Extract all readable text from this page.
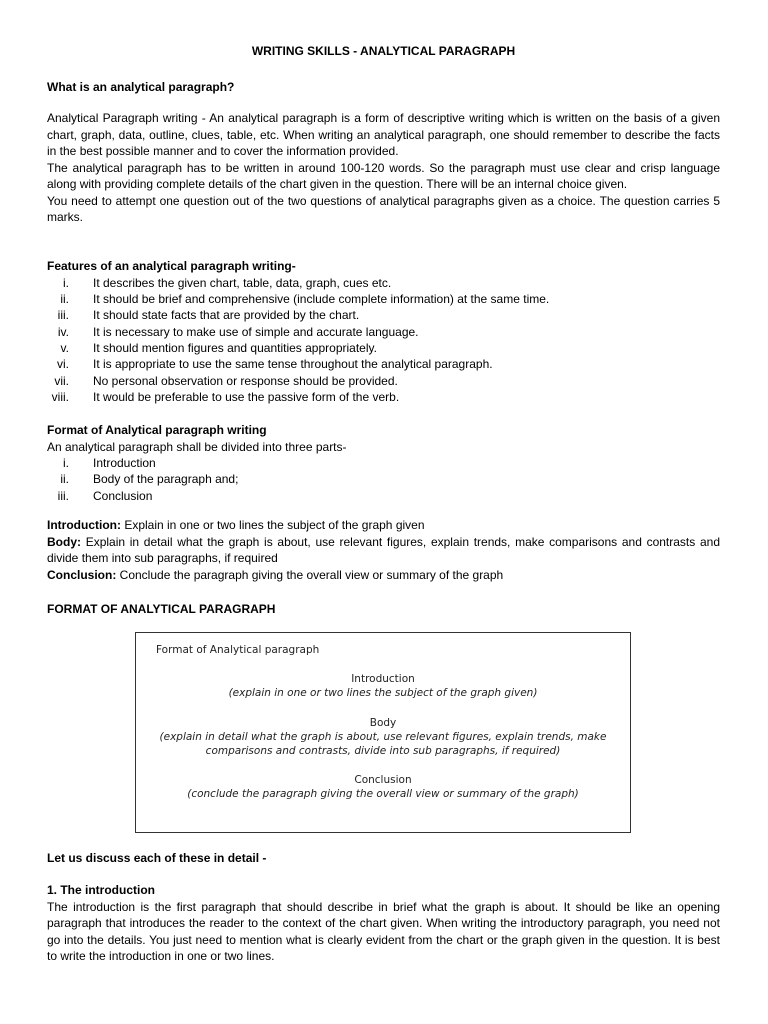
WRITING SKILLS - ANALYTICAL PARAGRAPH

What is an analytical paragraph?

Analytical Paragraph writing - An analytical paragraph is a form of descriptive writing which is written on the basis of a given chart, graph, data, outline, clues, table, etc. When writing an analytical paragraph, one should remember to describe the facts in the best possible manner and to cover the information provided.

The analytical paragraph has to be written in around 100-120 words. So the paragraph must use clear and crisp language along with providing complete details of the chart given in the question. There will be an internal choice given.

You need to attempt one question out of the two questions of analytical paragraphs given as a choice. The question carries 5 marks.

Features of an analytical paragraph writing-

i. It describes the given chart, table, data, graph, cues etc.
ii. It should be brief and comprehensive (include complete information) at the same time.
iii. It should state facts that are provided by the chart.
iv. It is necessary to make use of simple and accurate language.
v. It should mention figures and quantities appropriately.
vi. It is appropriate to use the same tense throughout the analytical paragraph.
vii. No personal observation or response should be provided.
viii. It would be preferable to use the passive form of the verb.

Format of Analytical paragraph writing

An analytical paragraph shall be divided into three parts-

i. Introduction
ii. Body of the paragraph and;
iii. Conclusion

Introduction: Explain in one or two lines the subject of the graph given

Body: Explain in detail what the graph is about, use relevant figures, explain trends, make comparisons and contrasts and divide them into sub paragraphs, if required

Conclusion: Conclude the paragraph giving the overall view or summary of the graph

FORMAT OF ANALYTICAL PARAGRAPH

Format of Analytical paragraph

Introduction

(explain in one or two lines the subject of the graph given)

Body

(explain in detail what the graph is about, use relevant figures, explain trends, make

comparisons and contrasts, divide into sub paragraphs, if required)

Conclusion

(conclude the paragraph giving the overall view or summary of the graph)

Let us discuss each of these in detail -

1. The introduction

The introduction is the first paragraph that should describe in brief what the graph is about. It should be like an opening paragraph that introduces the reader to the context of the chart given. When writing the introductory paragraph, you need not go into the details. You just need to mention what is clearly evident from the chart or the graph given in the question. It is best to write the introduction in one or two lines.
